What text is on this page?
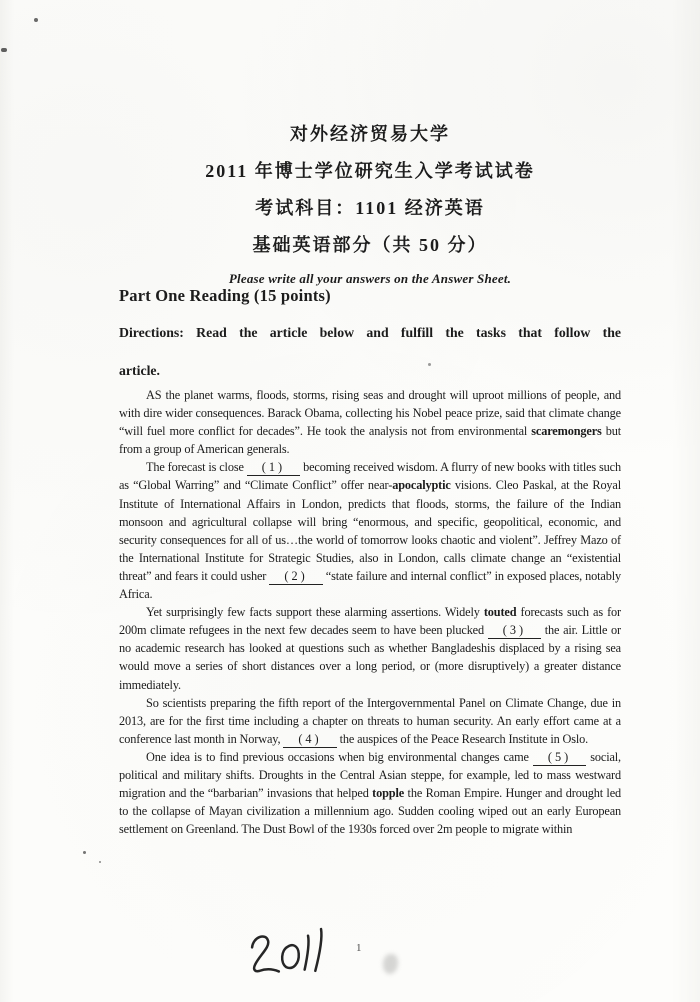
对外经济贸易大学
2011 年博士学位研究生入学考试试卷
考试科目：1101 经济英语
基础英语部分（共 50 分）
Please write all your answers on the Answer Sheet.
Part One Reading (15 points)
Directions: Read the article below and fulfill the tasks that follow the
article.

AS the planet warms, floods, storms, rising seas and drought will uproot millions of people, and with dire wider consequences. Barack Obama, collecting his Nobel peace prize, said that climate change “will fuel more conflict for decades”. He took the analysis not from environmental scaremongers but from a group of American generals.

The forecast is close (1) becoming received wisdom. A flurry of new books with titles such as “Global Warring” and “Climate Conflict” offer near-apocalyptic visions. Cleo Paskal, at the Royal Institute of International Affairs in London, predicts that floods, storms, the failure of the Indian monsoon and agricultural collapse will bring “enormous, and specific, geopolitical, economic, and security consequences for all of us…the world of tomorrow looks chaotic and violent”. Jeffrey Mazo of the International Institute for Strategic Studies, also in London, calls climate change an “existential threat” and fears it could usher (2) “state failure and internal conflict” in exposed places, notably Africa.

Yet surprisingly few facts support these alarming assertions. Widely touted forecasts such as for 200m climate refugees in the next few decades seem to have been plucked (3) the air. Little or no academic research has looked at questions such as whether Bangladeshis displaced by a rising sea would move a series of short distances over a long period, or (more disruptively) a greater distance immediately.

So scientists preparing the fifth report of the Intergovernmental Panel on Climate Change, due in 2013, are for the first time including a chapter on threats to human security. An early effort came at a conference last month in Norway, (4) the auspices of the Peace Research Institute in Oslo.

One idea is to find previous occasions when big environmental changes came (5) social, political and military shifts. Droughts in the Central Asian steppe, for example, led to mass westward migration and the “barbarian” invasions that helped topple the Roman Empire. Hunger and drought led to the collapse of Mayan civilization a millennium ago. Sudden cooling wiped out an early European settlement on Greenland. The Dust Bowl of the 1930s forced over 2m people to migrate within

1
